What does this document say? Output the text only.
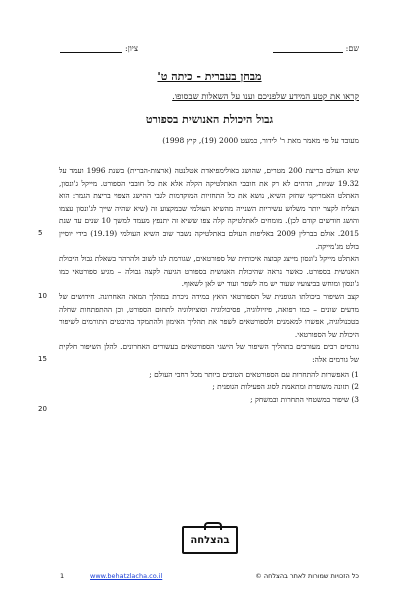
שם:
ציון:
מבחן בעברית - כיתה ט'
קראו את קטע המידע שלפניכם וענו על השאלות שבסופו.
גבול היכולת האנושית בספורט
מעובד על פי מאמר מאת ר' לידור, כמעט 2000 (19), קיץ 1998)

שיא העולם בריצת 200 מטרים, שהושג באולימפיאדת אטלנטה (ארצות-הברית) בשנת 1996 ועמד על 19.32 שניות, הדהים לא רק את חובבי האתלטיקה הקלה אלא את כל חובבי הספורט. מייקל ג'ונסון, האתלט האמריקני שחזק השיא, נושא את כל התחזיות המוקדמות לגבי ההישג הצפוי בריצת הגמר: הוא הצליח לקצר יותר משלוש עשיריות השנייה מהשיא העולמי שבמקצוע זה (שיא שהיה שייך לג'ונסון עצמו והושג חודשים קודם לכן). מומחים לאתלטיקה קלה צפו ששיא זה יתנפץ מעמד למשך 10 שנים עד שנת 2015. אולם בברלין 2009 באליפות העולם באתלטיקה נשבר שוב השיא העולמי (19.19) בידי יוסיין בולט מג'מייקה.

האתלט מייקל ג'ונסון מייצג קבוצה איכותית של ספורטאים, שגורמת לנו לשוב ולהרהר בשאלת גבול היכולת האנושית בספורט. כאשר נראה שהיכולת האנושית בספורט הגיעה לקצה גבולה – מגיע ספורטאי כמו ג'ונסון ומוחש בביצועיו שעוד יש מה לשפר ועוד יש לאן לשאוף.

קצב השיפור ביכולתו הגופנית של הספורטאי הואץ במידה ניכרת במהלך המאה האחרונה. חידושים של מדעים שונים – כמו רפואה, פיזיולוגיה, פסיכולוגיה וסוציולוגיה לתחום הספורט, וכן ההתפתחות שחלה בטכנולוגיה, אפשרו למאמנים ולספורטאים לשפר את תהליך האימון ולהתמקד בהיבטים התורמים לשיפור היכולת של הספורטאי.

גורמים רבים מעורבים בתהליך השיפור של הישגי הספורטאים בעשורים האחרונים. להלן השיפור חלקית של גורמים אלה:

1) האפשרות להתחרות עם הספורטאים הטובים ביותר מכל רחבי העולם ;
2) תזונה משופרת ומתאמת לסוג הפעילות הגופנית ;
3) שיפור במשטחי התחרות ובמשחק ;
5
10
15
20
בהצלחה
כל הזכויות שמורות לאתר בהצלחה ©
www.behatzlacha.co.il
1
